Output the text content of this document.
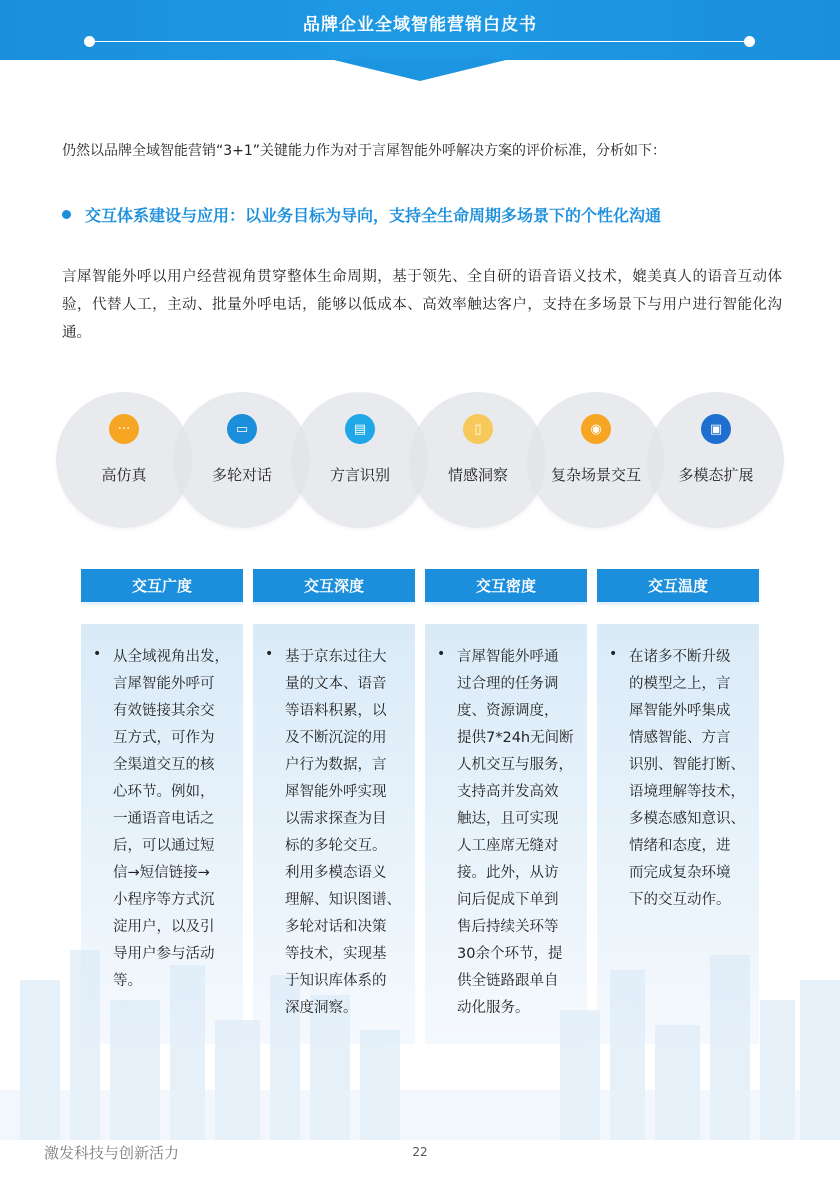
品牌企业全域智能营销白皮书
仍然以品牌全域智能营销“3+1”关键能力作为对于言犀智能外呼解决方案的评价标准，分析如下：
交互体系建设与应用：以业务目标为导向，支持全生命周期多场景下的个性化沟通
言犀智能外呼以用户经营视角贯穿整体生命周期，基于领先、全自研的语音语义技术，媲美真人的语音互动体验，代替人工，主动、批量外呼电话，能够以低成本、高效率触达客户，支持在多场景下与用户进行智能化沟通。
···
高仿真
▭
多轮对话
▤
方言识别
▯
情感洞察
◉
复杂场景交互
▣
多模态扩展
交互广度	交互深度	交互密度	交互温度
• 从全域视角出发，
言犀智能外呼可
有效链接其余交
互方式，可作为
全渠道交互的核
心环节。例如，
一通语音电话之
后，可以通过短
信→短信链接→
小程序等方式沉
淀用户，以及引
导用户参与活动
等。
• 基于京东过往大
量的文本、语音
等语料积累，以
及不断沉淀的用
户行为数据，言
犀智能外呼实现
以需求探查为目
标的多轮交互。
利用多模态语义
理解、知识图谱、
多轮对话和决策
等技术，实现基
于知识库体系的
深度洞察。
• 言犀智能外呼通
过合理的任务调
度、资源调度，
提供7*24h无间断
人机交互与服务，
支持高并发高效
触达，且可实现
人工座席无缝对
接。此外，从访
问后促成下单到
售后持续关环等
30余个环节，提
供全链路跟单自
动化服务。
• 在诸多不断升级
的模型之上，言
犀智能外呼集成
情感智能、方言
识别、智能打断、
语境理解等技术，
多模态感知意识、
情绪和态度，进
而完成复杂环境
下的交互动作。
激发科技与创新活力	22
